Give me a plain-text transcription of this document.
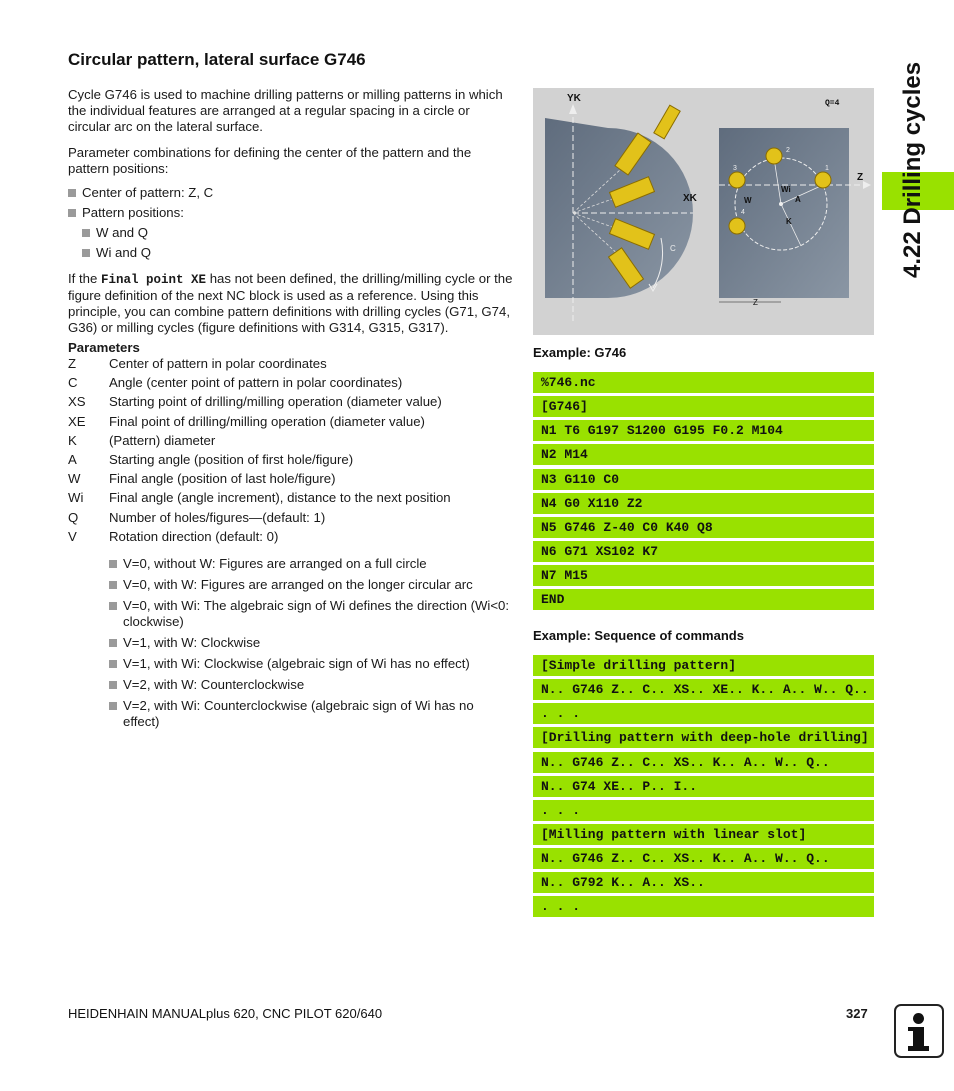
Circular pattern, lateral surface G746

Cycle G746 is used to machine drilling patterns or milling patterns in which the individual features are arranged at a regular spacing in a circle or circular arc on the lateral surface.

Parameter combinations for defining the center of the pattern and the pattern positions:

Center of pattern: Z, C
Pattern positions:
W and Q
Wi and Q

If the Final point XE has not been defined, the drilling/milling cycle or the figure definition of the next NC block is used as a reference. Using this principle, you can combine pattern definitions with drilling cycles (G71, G74, G36) or milling cycles (figure definitions with G314, G315, G317).

Parameters
Z	Center of pattern in polar coordinates
C	Angle (center point of pattern in polar coordinates)
XS	Starting point of drilling/milling operation (diameter value)
XE	Final point of drilling/milling operation (diameter value)
K	(Pattern) diameter
A	Starting angle (position of first hole/figure)
W	Final angle (position of last hole/figure)
Wi	Final angle (angle increment), distance to the next position
Q	Number of holes/figures—(default: 1)
V	Rotation direction (default: 0)
V=0, without W: Figures are arranged on a full circle
V=0, with W: Figures are arranged on the longer circular arc
V=0, with Wi: The algebraic sign of Wi defines the direction (Wi<0: clockwise)
V=1, with W: Clockwise
V=1, with Wi: Clockwise (algebraic sign of Wi has no effect)
V=2, with W: Counterclockwise
V=2, with Wi: Counterclockwise (algebraic sign of Wi has no effect)
YK
XK
C
Q=4
1
2
3
4
Wi
A
W
K
Z
Z
Example: G746
%746.nc
[G746]
N1 T6 G197 S1200 G195 F0.2 M104
N2 M14
N3 G110 C0
N4 G0 X110 Z2
N5 G746 Z-40 C0 K40 Q8
N6 G71 XS102 K7
N7 M15
END
Example: Sequence of commands
[Simple drilling pattern]
N.. G746 Z.. C.. XS.. XE.. K.. A.. W.. Q..
. . .
[Drilling pattern with deep-hole drilling]
N.. G746 Z.. C.. XS.. K.. A.. W.. Q..
N.. G74 XE.. P.. I..
. . .
[Milling pattern with linear slot]
N.. G746 Z.. C.. XS.. K.. A.. W.. Q..
N.. G792 K.. A.. XS..
. . .
4.22 Drilling cycles
HEIDENHAIN MANUALplus 620, CNC PILOT 620/640	327
